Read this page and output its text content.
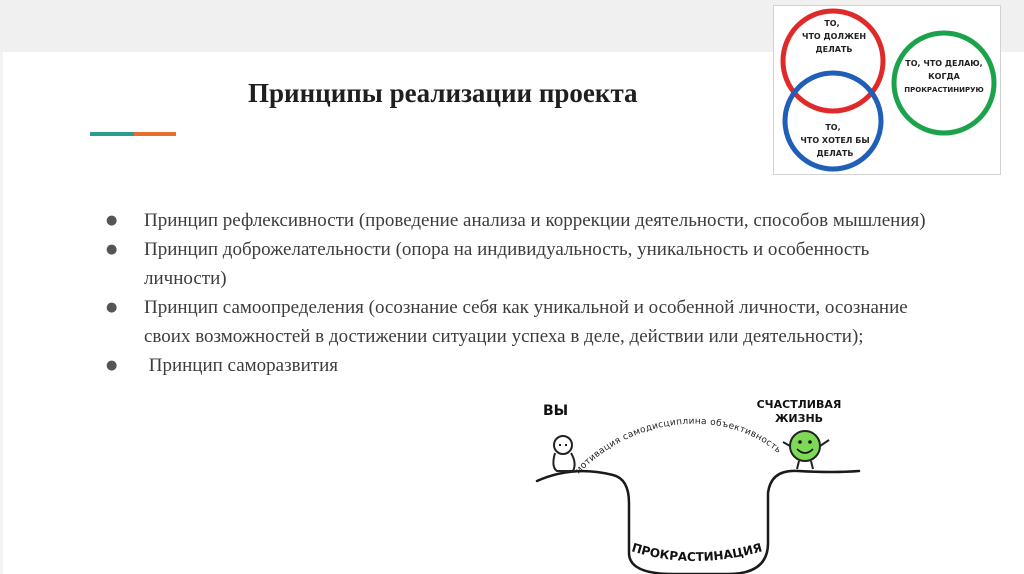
Принципы реализации проекта
● Принцип рефлексивности (проведение анализа и коррекции деятельности, способов мышления)
● Принцип доброжелательности (опора на индивидуальность, уникальность и особенность личности)
● Принцип самоопределения (осознание себя как уникальной и особенной личности, осознание своих возможностей в достижении ситуации успеха в деле, действии или деятельности);
● Принцип саморазвития
ТО,
ЧТО ДОЛЖЕН
ДЕЛАТЬ
ТО,
ЧТО ХОТЕЛ БЫ
ДЕЛАТЬ
ТО, ЧТО ДЕЛАЮ,
КОГДА
ПРОКРАСТИНИРУЮ
ВЫ	СЧАСТЛИВАЯ
ЖИЗНЬ
мотивация самодисциплина объективность
ПРОКРАСТИНАЦИЯ
